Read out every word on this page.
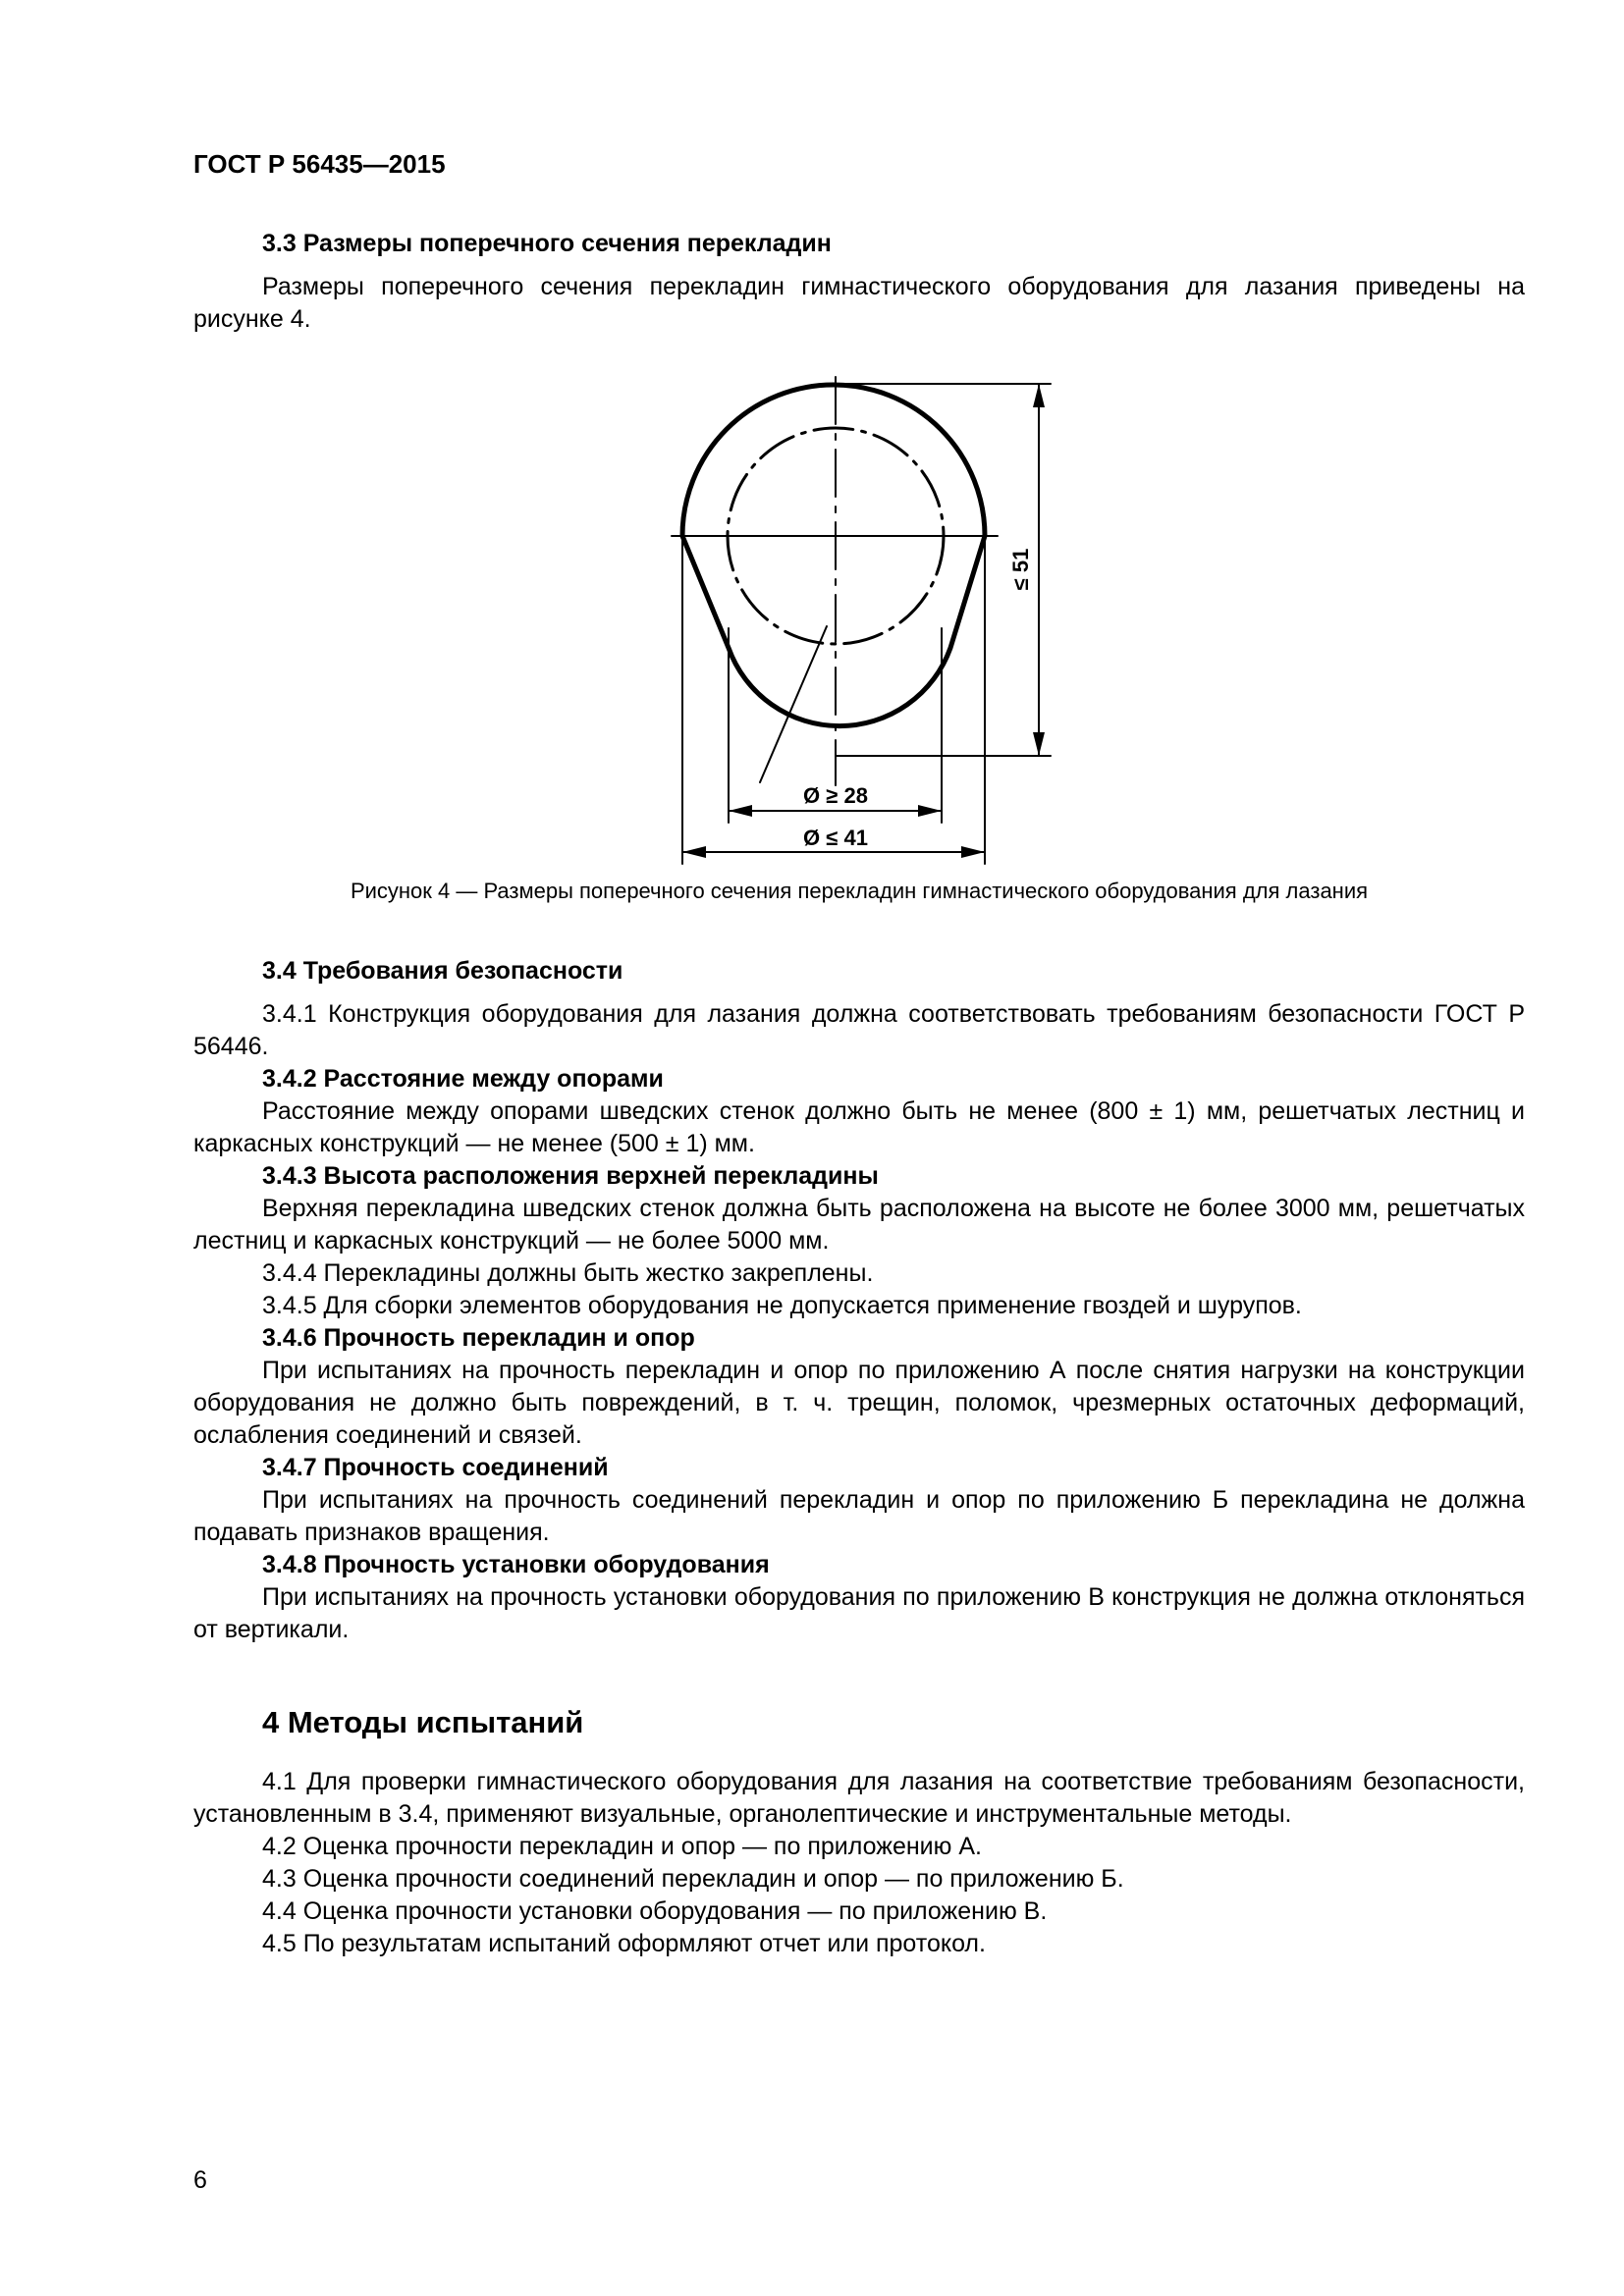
ГОСТ Р 56435—2015
3.3 Размеры поперечного сечения перекладин
Размеры поперечного сечения перекладин гимнастического оборудования для лазания приведены на рисунке 4.
≤ 51
Ø ≥ 28
Ø ≤ 41
Рисунок 4 — Размеры поперечного сечения перекладин гимнастического оборудования для лазания
3.4 Требования безопасности
3.4.1 Конструкция оборудования для лазания должна соответствовать требованиям безопасности ГОСТ Р 56446.
3.4.2 Расстояние между опорами
Расстояние между опорами шведских стенок должно быть не менее (800 ± 1) мм, решетчатых лестниц и каркасных конструкций — не менее (500 ± 1) мм.
3.4.3 Высота расположения верхней перекладины
Верхняя перекладина шведских стенок должна быть расположена на высоте не более 3000 мм, решетчатых лестниц и каркасных конструкций — не более 5000 мм.
3.4.4 Перекладины должны быть жестко закреплены.
3.4.5 Для сборки элементов оборудования не допускается применение гвоздей и шурупов.
3.4.6 Прочность перекладин и опор
При испытаниях на прочность перекладин и опор по приложению А после снятия нагрузки на конструкции оборудования не должно быть повреждений, в т. ч. трещин, поломок, чрезмерных остаточных деформаций, ослабления соединений и связей.
3.4.7 Прочность соединений
При испытаниях на прочность соединений перекладин и опор по приложению Б перекладина не должна подавать признаков вращения.
3.4.8 Прочность установки оборудования
При испытаниях на прочность установки оборудования по приложению В конструкция не должна отклоняться от вертикали.
4 Методы испытаний
4.1 Для проверки гимнастического оборудования для лазания на соответствие требованиям безопасности, установленным в 3.4, применяют визуальные, органолептические и инструментальные методы.
4.2 Оценка прочности перекладин и опор — по приложению А.
4.3 Оценка прочности соединений перекладин и опор — по приложению Б.
4.4 Оценка прочности установки оборудования — по приложению В.
4.5 По результатам испытаний оформляют отчет или протокол.
6
